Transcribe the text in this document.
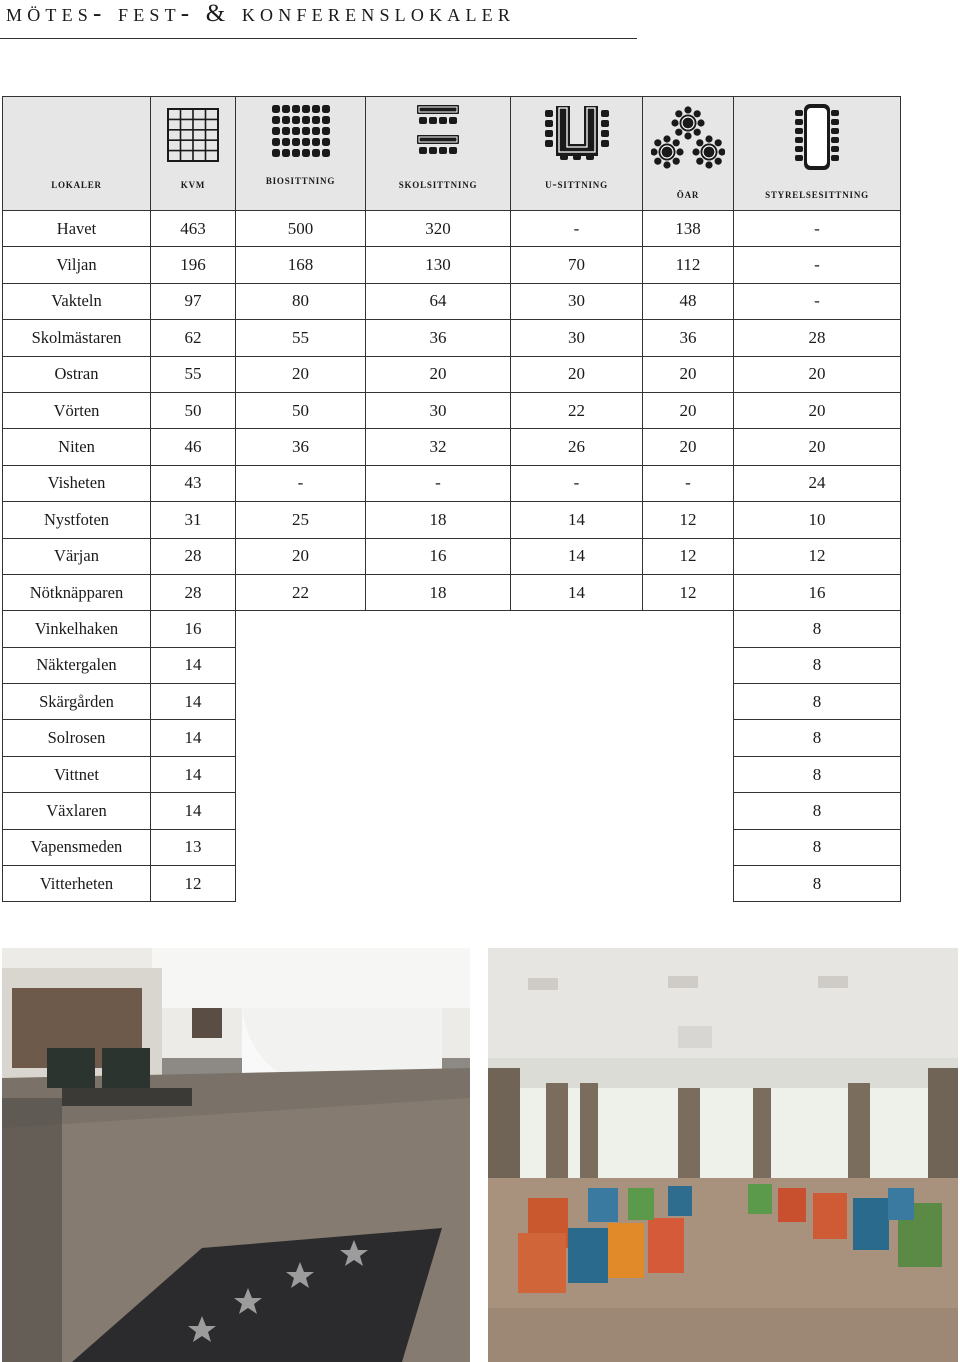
mötes- fest- & konferenslokaler
lokaler	kvm	biosittning	skolsittning	u-sittning	öar	styrelsesittning
Havet	463	500	320	-	138	-
Viljan	196	168	130	70	112	-
Vakteln	97	80	64	30	48	-
Skolmästaren	62	55	36	30	36	28
Ostran	55	20	20	20	20	20
Vörten	50	50	30	22	20	20
Niten	46	36	32	26	20	20
Visheten	43	-	-	-	-	24
Nystfoten	31	25	18	14	12	10
Värjan	28	20	16	14	12	12
Nötknäpparen	28	22	18	14	12	16
Vinkelhaken	16					8
Näktergalen	14					8
Skärgården	14					8
Solrosen	14					8
Vittnet	14					8
Växlaren	14					8
Vapensmeden	13					8
Vitterheten	12					8
